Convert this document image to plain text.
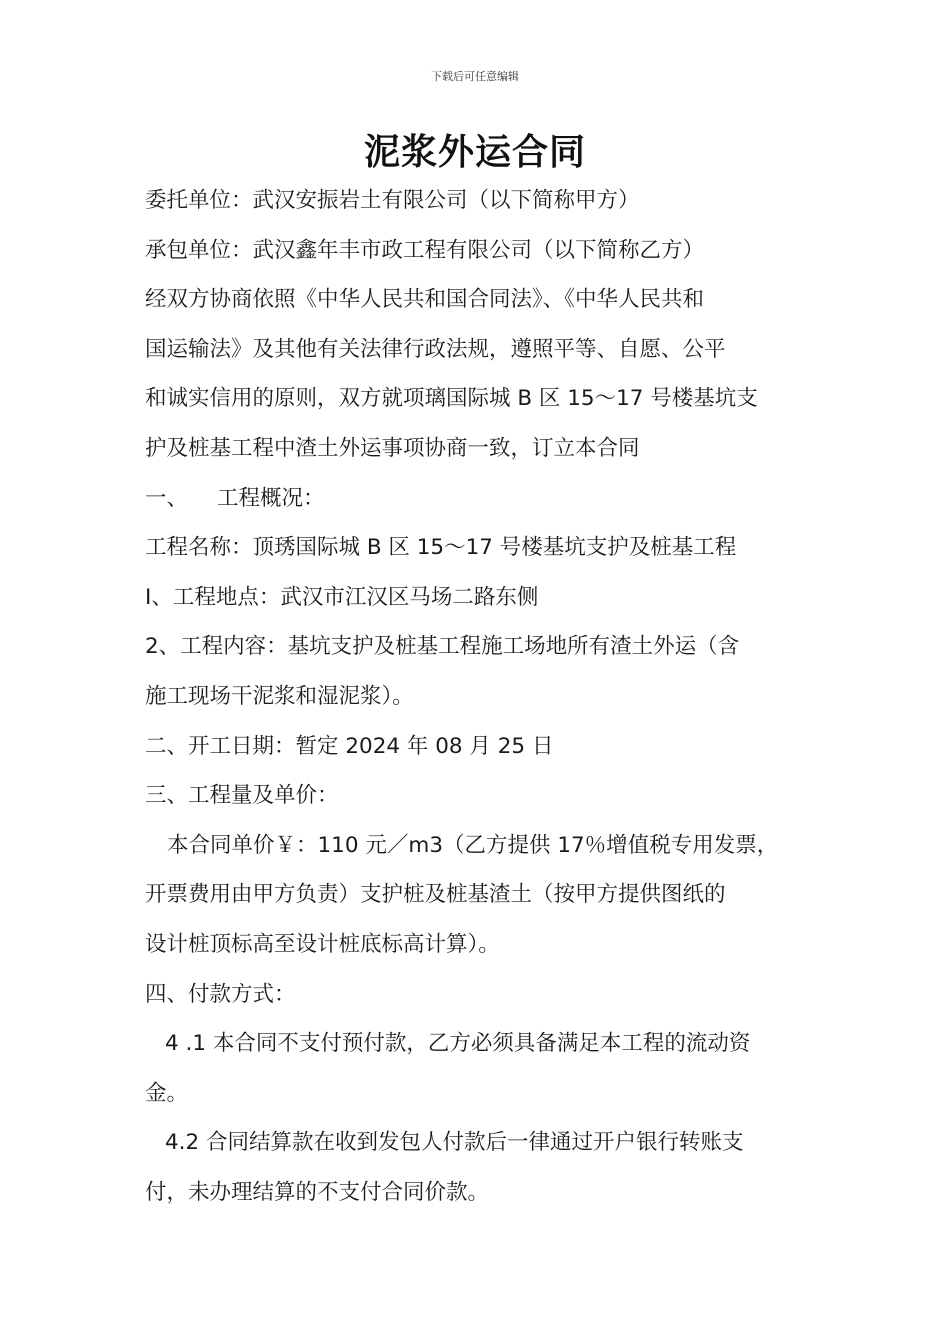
下载后可任意编辑
泥浆外运合同
委托单位：武汉安振岩土有限公司（以下简称甲方）
承包单位：武汉鑫年丰市政工程有限公司（以下简称乙方）
经双方协商依照《中华人民共和国合同法》、《中华人民共和
国运输法》及其他有关法律行政法规，遵照平等、自愿、公平
和诚实信用的原则，双方就项璃国际城 B 区 15～17 号楼基坑支
护及桩基工程中渣土外运事项协商一致，订立本合同
一、 工程概况：
工程名称：顶琇国际城 B 区 15～17 号楼基坑支护及桩基工程
I、工程地点：武汉市江汉区马场二路东侧
2、工程内容：基坑支护及桩基工程施工场地所有渣土外运（含
施工现场干泥浆和湿泥浆）。
二、开工日期：暂定 2024 年 08 月 25 日
三、工程量及单价：
本合同单价￥：110 元／m3（乙方提供 17％增值税专用发票，
开票费用由甲方负责）支护桩及桩基渣土（按甲方提供图纸的
设计桩顶标高至设计桩底标高计算）。
四、付款方式：
4 .1 本合同不支付预付款，乙方必须具备满足本工程的流动资
金。
4.2 合同结算款在收到发包人付款后一律通过开户银行转账支
付，未办理结算的不支付合同价款。
